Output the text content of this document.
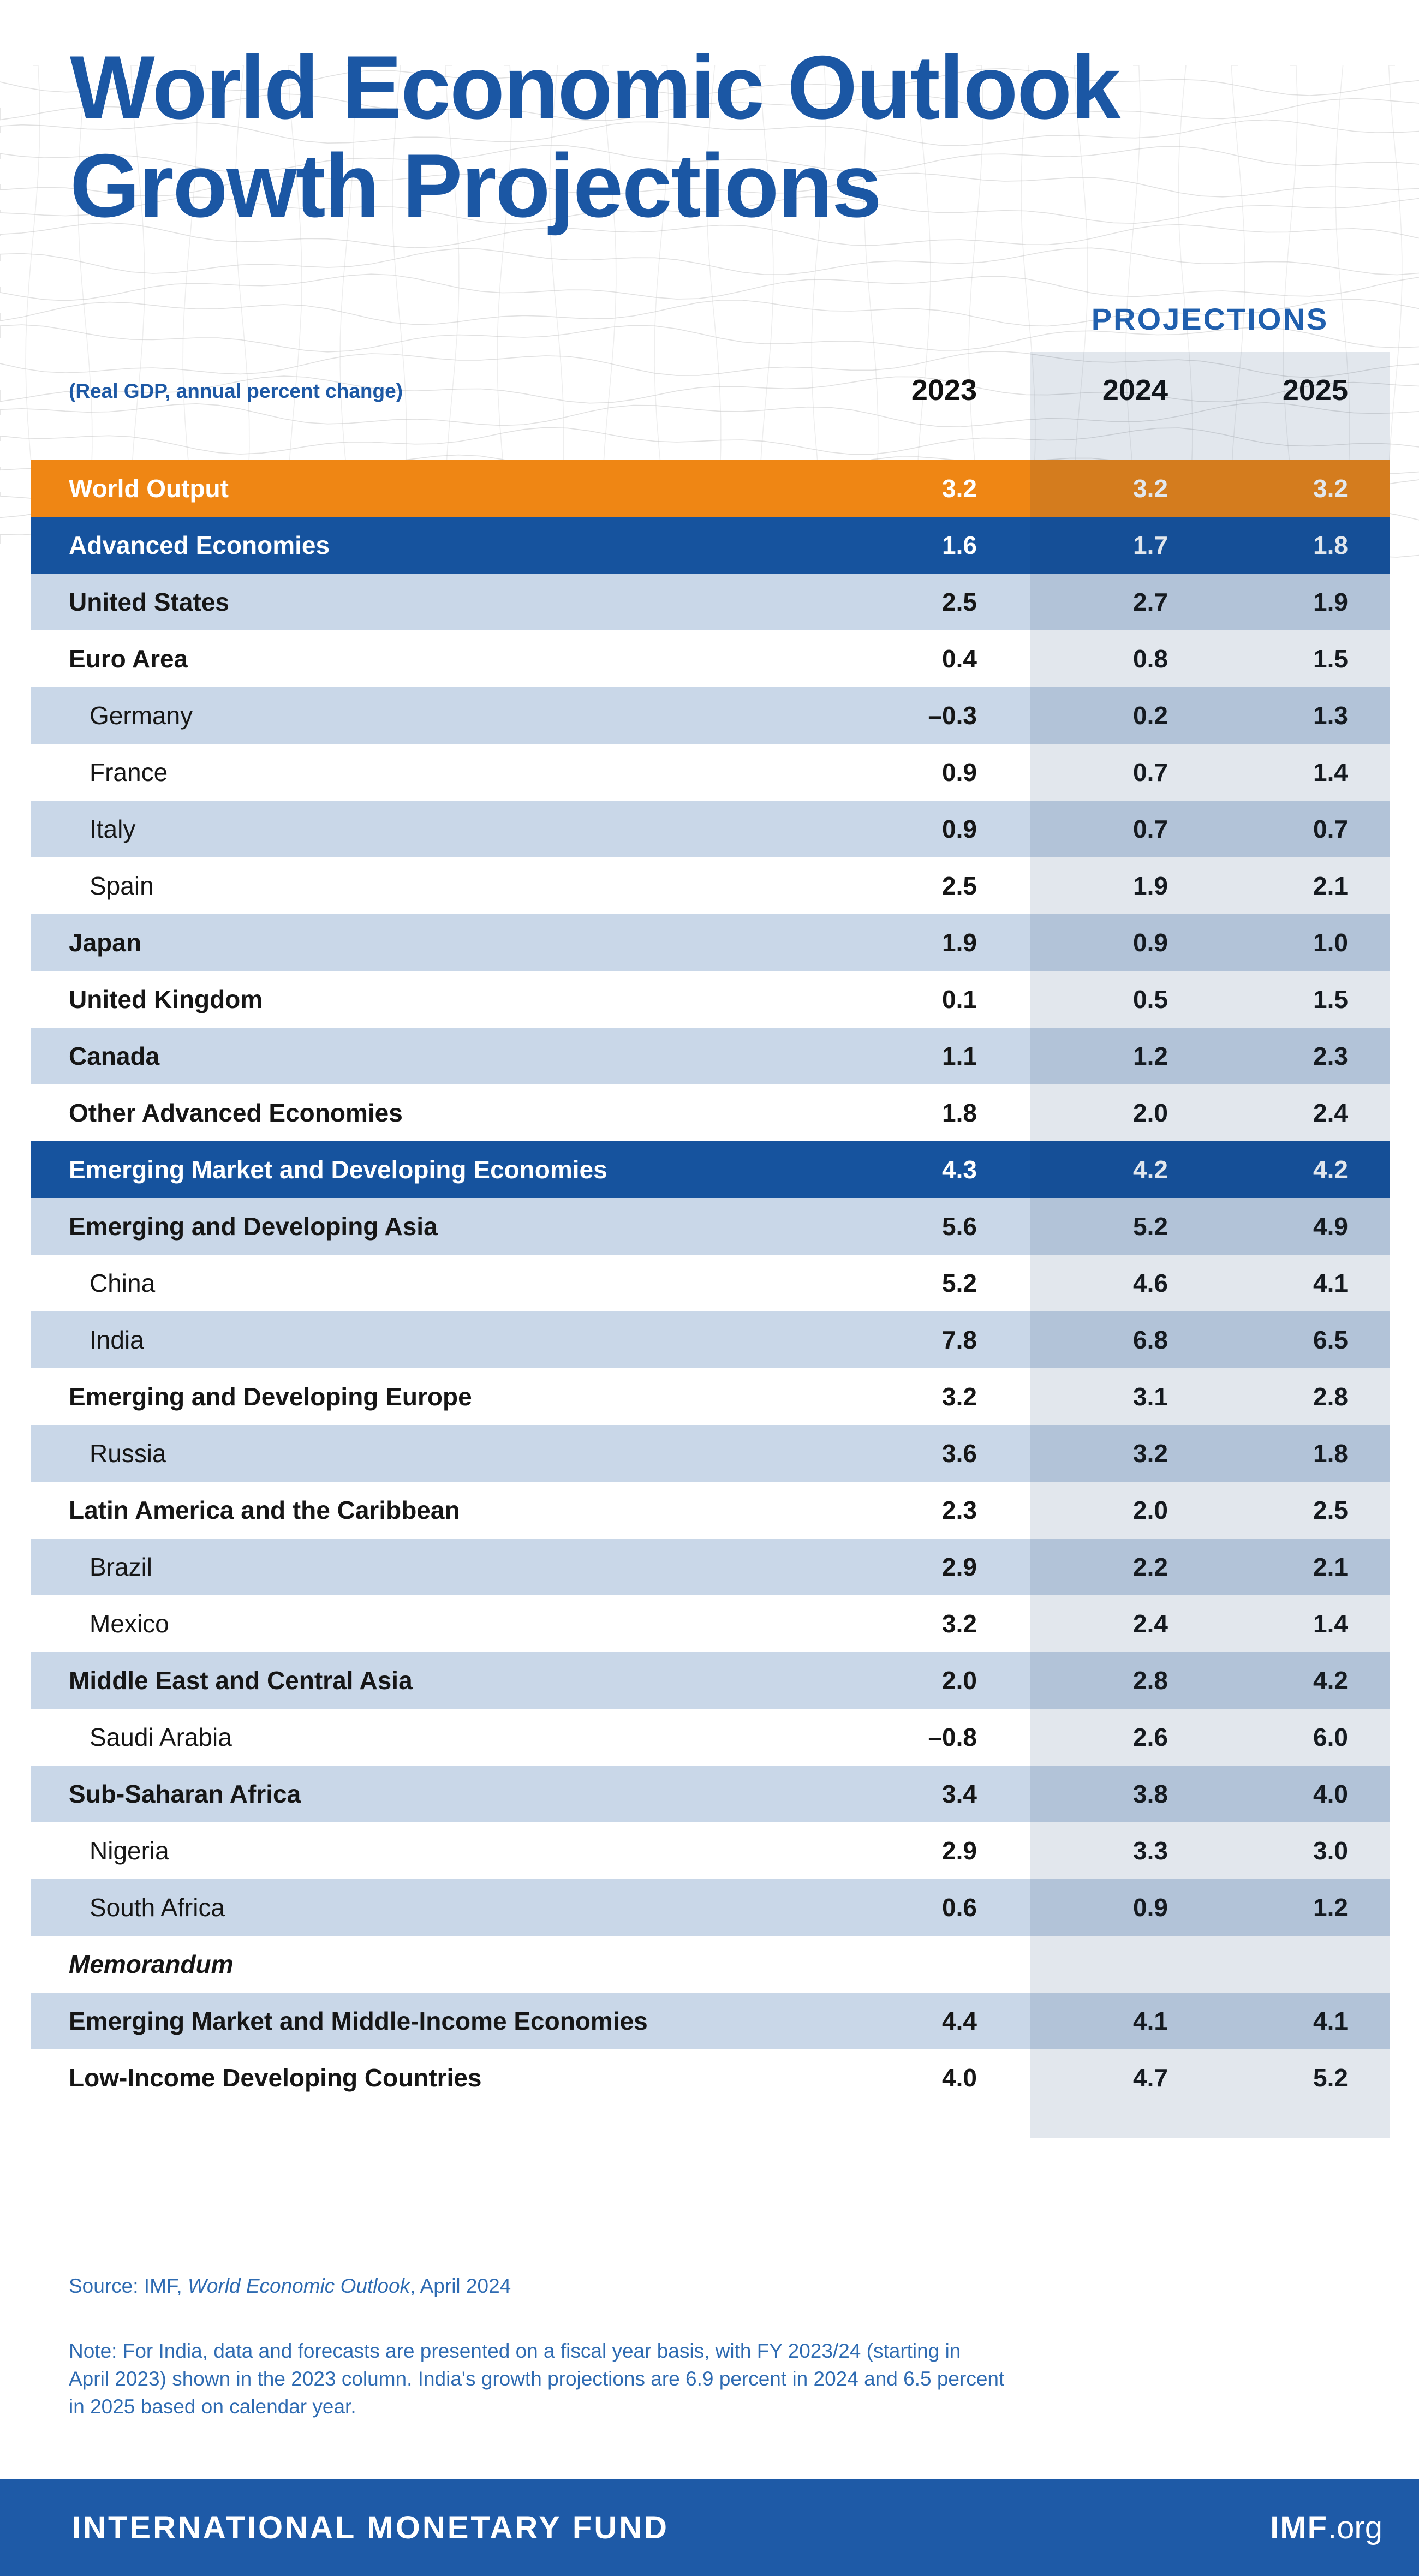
World Economic Outlook
Growth Projections
PROJECTIONS
(Real GDP, annual percent change)	2023	2024	2025
World Output	3.2	3.2	3.2
Advanced Economies	1.6	1.7	1.8
United States	2.5	2.7	1.9
Euro Area	0.4	0.8	1.5
Germany	–0.3	0.2	1.3
France	0.9	0.7	1.4
Italy	0.9	0.7	0.7
Spain	2.5	1.9	2.1
Japan	1.9	0.9	1.0
United Kingdom	0.1	0.5	1.5
Canada	1.1	1.2	2.3
Other Advanced Economies	1.8	2.0	2.4
Emerging Market and Developing Economies	4.3	4.2	4.2
Emerging and Developing Asia	5.6	5.2	4.9
China	5.2	4.6	4.1
India	7.8	6.8	6.5
Emerging and Developing Europe	3.2	3.1	2.8
Russia	3.6	3.2	1.8
Latin America and the Caribbean	2.3	2.0	2.5
Brazil	2.9	2.2	2.1
Mexico	3.2	2.4	1.4
Middle East and Central Asia	2.0	2.8	4.2
Saudi Arabia	–0.8	2.6	6.0
Sub-Saharan Africa	3.4	3.8	4.0
Nigeria	2.9	3.3	3.0
South Africa	0.6	0.9	1.2
Memorandum
Emerging Market and Middle-Income Economies	4.4	4.1	4.1
Low-Income Developing Countries	4.0	4.7	5.2
Source: IMF, World Economic Outlook, April 2024
Note: For India, data and forecasts are presented on a fiscal year basis, with FY 2023/24 (starting in
April 2023) shown in the 2023 column. India's growth projections are 6.9 percent in 2024 and 6.5 percent
in 2025 based on calendar year.
INTERNATIONAL MONETARY FUND	IMF.org
